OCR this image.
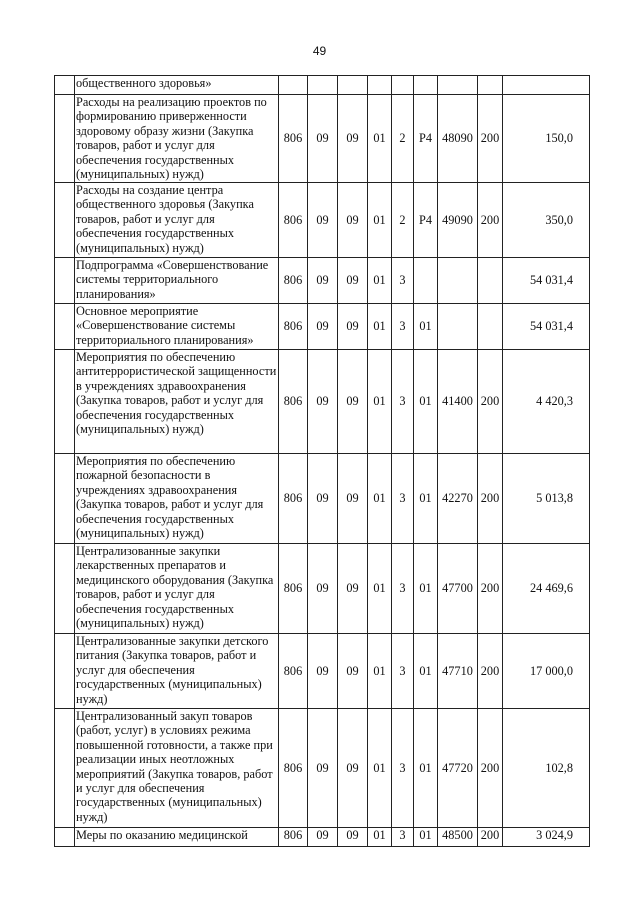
49
	общественного здоровья»									
	Расходы на реализацию проектов по формированию приверженности здоровому образу жизни (Закупка товаров, работ и услуг для обеспечения государственных (муниципальных) нужд)	806	09	09	01	2	P4	48090	200	150,0
	Расходы на создание центра общественного здоровья (Закупка товаров, работ и услуг для обеспечения государственных (муниципальных) нужд)	806	09	09	01	2	P4	49090	200	350,0
	Подпрограмма «Совершенствование системы территориального планирования»	806	09	09	01	3				54 031,4
	Основное мероприятие «Совершенствование системы территориального планирования»	806	09	09	01	3	01			54 031,4
	Мероприятия по обеспечению антитеррористической защищенности в учреждениях здравоохранения (Закупка товаров, работ и услуг для обеспечения государственных (муниципальных) нужд)	806	09	09	01	3	01	41400	200	4 420,3
	Мероприятия по обеспечению пожарной безопасности в учреждениях здравоохранения (Закупка товаров, работ и услуг для обеспечения государственных (муниципальных) нужд)	806	09	09	01	3	01	42270	200	5 013,8
	Централизованные закупки лекарственных препаратов и медицинского оборудования (Закупка товаров, работ и услуг для обеспечения государственных (муниципальных) нужд)	806	09	09	01	3	01	47700	200	24 469,6
	Централизованные закупки детского питания (Закупка товаров, работ и услуг для обеспечения государственных (муниципальных) нужд)	806	09	09	01	3	01	47710	200	17 000,0
	Централизованный закуп товаров (работ, услуг) в условиях режима повышенной готовности, а также при реализации иных неотложных мероприятий (Закупка товаров, работ и услуг для обеспечения государственных (муниципальных) нужд)	806	09	09	01	3	01	47720	200	102,8
	Меры по оказанию медицинской	806	09	09	01	3	01	48500	200	3 024,9
